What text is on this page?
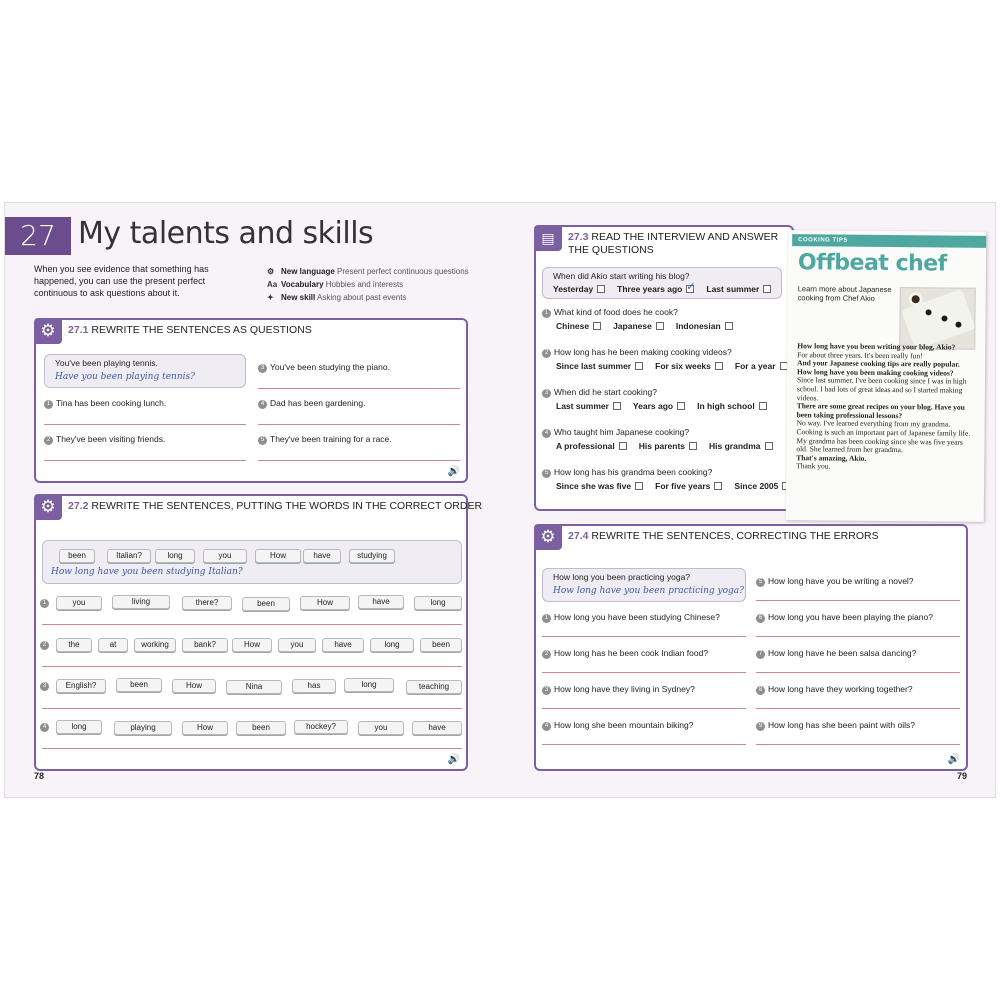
27 My talents and skills
When you see evidence that something has happened, you can use the present perfect continuous to ask questions about it.
⚙ New language Present perfect continuous questions
Aa Vocabulary Hobbies and interests
✦ New skill Asking about past events
⚙	27.1 REWRITE THE SENTENCES AS QUESTIONS
You've been playing tennis.
Have you been playing tennis?
1 Tina has been cooking lunch.
2 They've been visiting friends.
3 You've been studying the piano.
4 Dad has been gardening.
5 They've been training for a race.
🔊
⚙	27.2 REWRITE THE SENTENCES, PUTTING THE WORDS IN THE CORRECT ORDER
been	Italian?	long	you	How	have	studying
How long have you been studying Italian?
1	you	living	there?	been	How	have	long
2	the	at	working	bank?	How	you	have	long	been
3	English?	been	How	Nina	has	long	teaching
4	long	playing	How	been	hockey?	you	have
🔊
78
▤	27.3 READ THE INTERVIEW AND ANSWER
THE QUESTIONS
When did Akio start writing his blog?
Yesterday	Three years ago✓	Last summer
1 What kind of food does he cook?
Chinese	Japanese	Indonesian
2 How long has he been making cooking videos?
Since last summer	For six weeks	For a year
3 When did he start cooking?
Last summer	Years ago	In high school
4 Who taught him Japanese cooking?
A professional	His parents	His grandma
5 How long has his grandma been cooking?
Since she was five	For five years	Since 2005
COOKING TIPS
Offbeat chef
Learn more about Japanese cooking from Chef Akio

How long have you been writing your blog, Akio?

For about three years. It's been really fun!

And your Japanese cooking tips are really popular. How long have you been making cooking videos?

Since last summer. I've been cooking since I was in high school. I had lots of great ideas and so I started making videos.

There are some great recipes on your blog. Have you been taking professional lessons?

No way. I've learned everything from my grandma. Cooking is such an important part of Japanese family life. My grandma has been cooking since she was five years old. She learned from her grandma.

That's amazing, Akio.

Thank you.

⚙	27.4 REWRITE THE SENTENCES, CORRECTING THE ERRORS
How long you been practicing yoga?
How long have you been practicing yoga?
1 How long you have been studying Chinese?
2 How long has he been cook Indian food?
3 How long have they living in Sydney?
4 How long she been mountain biking?
5 How long have you be writing a novel?
6 How long you have been playing the piano?
7 How long have he been salsa dancing?
8 How long have they working together?
9 How long has she been paint with oils?
🔊
79
